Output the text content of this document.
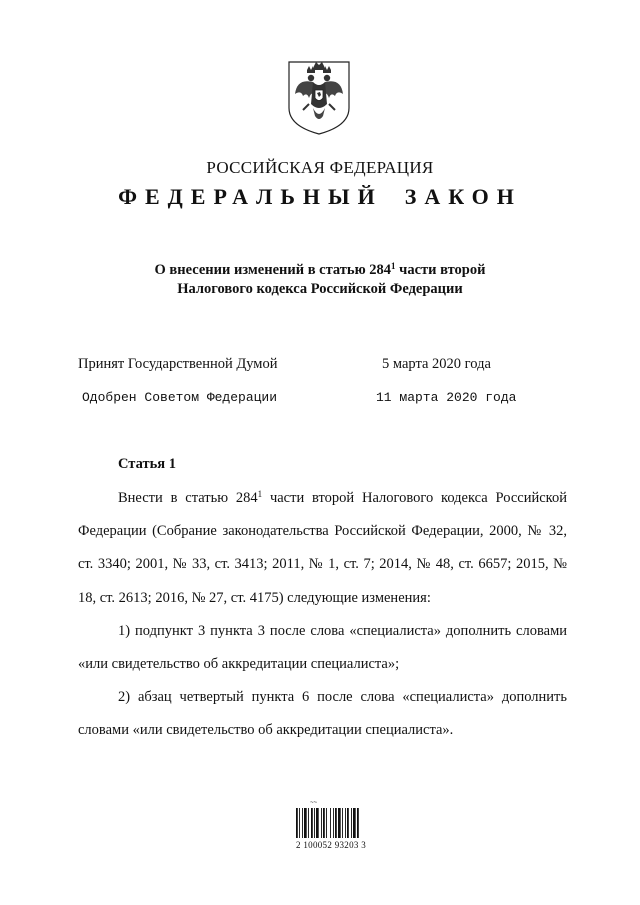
РОССИЙСКАЯ ФЕДЕРАЦИЯ
ФЕДЕРАЛЬНЫЙ ЗАКОН
О внесении изменений в статью $284^1$ части второй
Налогового кодекса Российской Федерации
Принят Государственной Думой	5 марта 2020 года
Одобрен Советом Федерации	11 марта 2020 года
Статья 1

Внести в статью $284^1$ части второй Налогового кодекса Российской Федерации (Собрание законодательства Российской Федерации, 2000, № 32, ст. 3340; 2001, № 33, ст. 3413; 2011, № 1, ст. 7; 2014, № 48, ст. 6657; 2015, № 18, ст. 2613; 2016, № 27, ст. 4175) следующие изменения:

1) подпункт 3 пункта 3 после слова «специалиста» дополнить словами «или свидетельство об аккредитации специалиста»;

2) абзац четвертый пункта 6 после слова «специалиста» дополнить словами «или свидетельство об аккредитации специалиста».

~~
2 100052 93203 3
